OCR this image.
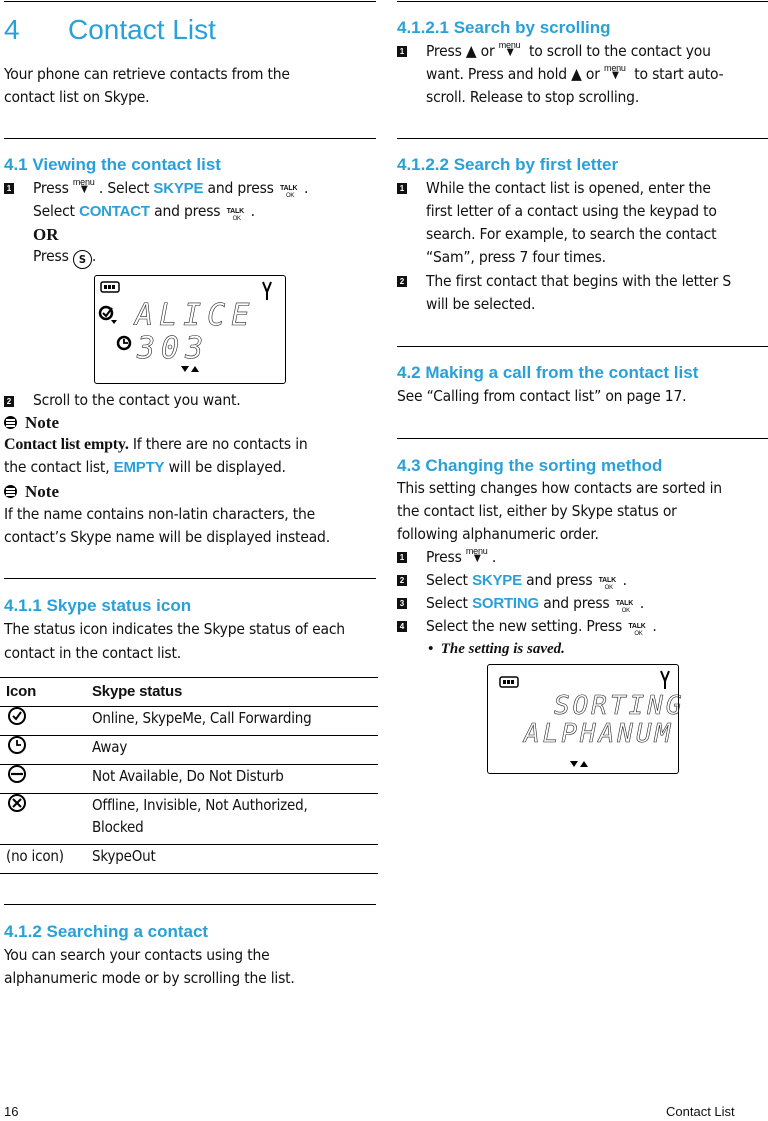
4 Contact List
Your phone can retrieve contacts from the
contact list on Skype.
4.1 Viewing the contact list
1 Press menu
▼ . Select SKYPE and press TALK
OK .
Select CONTACT and press TALK
OK .
OR
Press S .
ALICE
303
2 Scroll to the contact you want.
Note
Contact list empty. If there are no contacts in
the contact list, EMPTY will be displayed.
Note
If the name contains non-latin characters, the
contact’s Skype name will be displayed instead.
4.1.1 Skype status icon
The status icon indicates the Skype status of each
contact in the contact list.
Icon	Skype status

	Online, SkypeMe, Call Forwarding

	Away

	Not Available, Do Not Disturb

	Offline, Invisible, Not Authorized,
Blocked
(no icon)	SkypeOut
4.1.2 Searching a contact
You can search your contacts using the
alphanumeric mode or by scrolling the list.
4.1.2.1 Search by scrolling
1 Press ▲ or menu
▼ to scroll to the contact you
want. Press and hold ▲ or menu
▼ to start auto-
scroll. Release to stop scrolling.
4.1.2.2 Search by first letter
1 While the contact list is opened, enter the
first letter of a contact using the keypad to
search. For example, to search the contact
“Sam”, press 7 four times.
2 The first contact that begins with the letter S
will be selected.
4.2 Making a call from the contact list
See “Calling from contact list” on page 17.
4.3 Changing the sorting method
This setting changes how contacts are sorted in
the contact list, either by Skype status or
following alphanumeric order.
1 Press menu
▼ .
2 Select SKYPE and press TALK
OK .
3 Select SORTING and press TALK
OK .
4 Select the new setting. Press TALK
OK .
•  The setting is saved.
SORTING
ALPHANUM
16	Contact List
